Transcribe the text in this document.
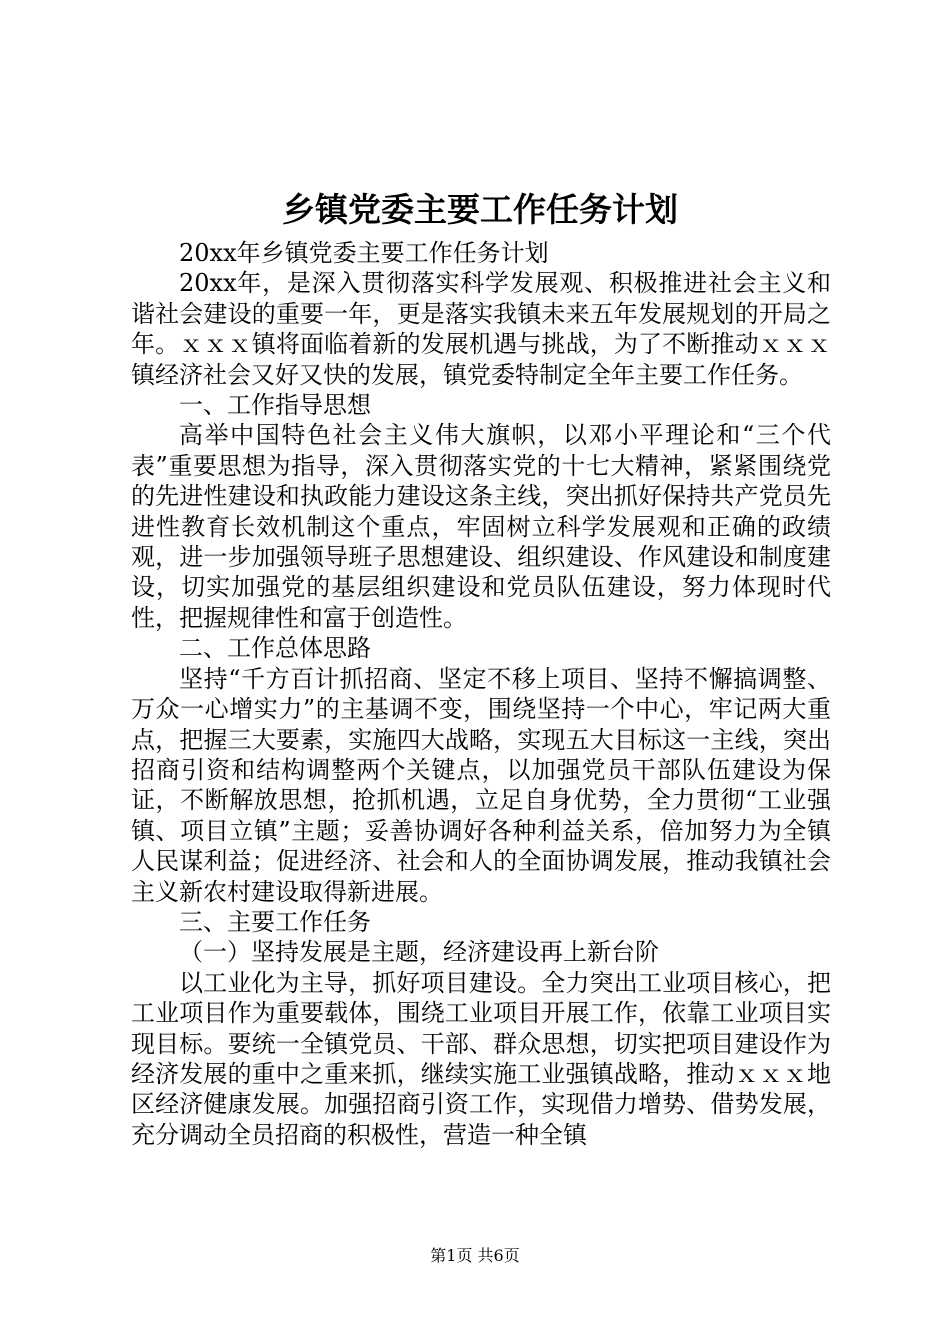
乡镇党委主要工作任务计划

20xx年乡镇党委主要工作任务计划

20xx年，是深入贯彻落实科学发展观、积极推进社会主义和谐社会建设的重要一年，更是落实我镇未来五年发展规划的开局之年。ｘｘｘ镇将面临着新的发展机遇与挑战，为了不断推动ｘｘｘ镇经济社会又好又快的发展，镇党委特制定全年主要工作任务。

一、工作指导思想

高举中国特色社会主义伟大旗帜，以邓小平理论和“三个代表”重要思想为指导，深入贯彻落实党的十七大精神，紧紧围绕党的先进性建设和执政能力建设这条主线，突出抓好保持共产党员先进性教育长效机制这个重点，牢固树立科学发展观和正确的政绩观，进一步加强领导班子思想建设、组织建设、作风建设和制度建设，切实加强党的基层组织建设和党员队伍建设，努力体现时代性，把握规律性和富于创造性。

二、工作总体思路

坚持“千方百计抓招商、坚定不移上项目、坚持不懈搞调整、万众一心增实力”的主基调不变，围绕坚持一个中心，牢记两大重点，把握三大要素，实施四大战略，实现五大目标这一主线，突出招商引资和结构调整两个关键点，以加强党员干部队伍建设为保证，不断解放思想，抢抓机遇，立足自身优势，全力贯彻“工业强镇、项目立镇”主题；妥善协调好各种利益关系，倍加努力为全镇人民谋利益；促进经济、社会和人的全面协调发展，推动我镇社会主义新农村建设取得新进展。

三、主要工作任务

（一）坚持发展是主题，经济建设再上新台阶

以工业化为主导，抓好项目建设。全力突出工业项目核心，把工业项目作为重要载体，围绕工业项目开展工作，依靠工业项目实现目标。要统一全镇党员、干部、群众思想，切实把项目建设作为经济发展的重中之重来抓，继续实施工业强镇战略，推动ｘｘｘ地区经济健康发展。加强招商引资工作，实现借力增势、借势发展，充分调动全员招商的积极性，营造一种全镇

第1页 共6页
